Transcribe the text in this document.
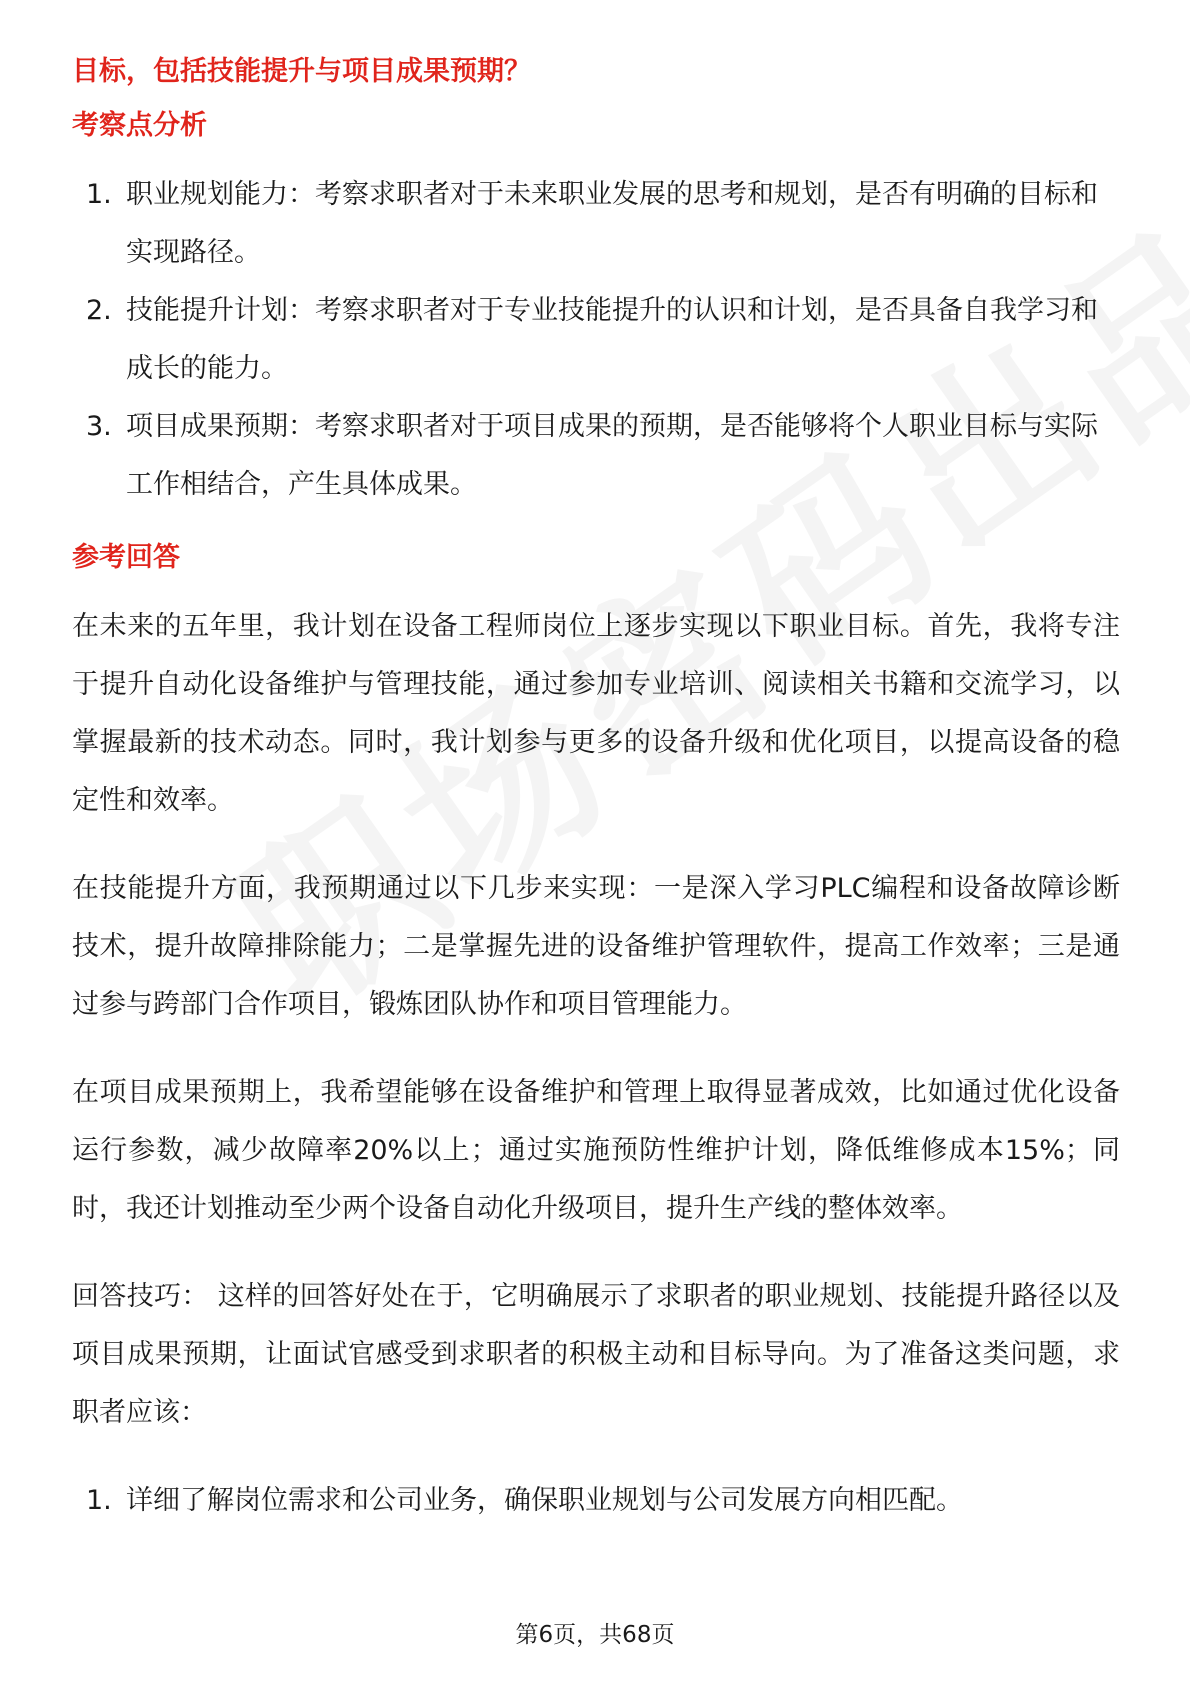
目标，包括技能提升与项目成果预期？

考察点分析

1. 职业规划能力：考察求职者对于未来职业发展的思考和规划，是否有明确的目标和实现路径。
2. 技能提升计划：考察求职者对于专业技能提升的认识和计划，是否具备自我学习和成长的能力。
3. 项目成果预期：考察求职者对于项目成果的预期，是否能够将个人职业目标与实际工作相结合，产生具体成果。

参考回答

在未来的五年里，我计划在设备工程师岗位上逐步实现以下职业目标。首先，我将专注于提升自动化设备维护与管理技能，通过参加专业培训、阅读相关书籍和交流学习，以掌握最新的技术动态。同时，我计划参与更多的设备升级和优化项目，以提高设备的稳定性和效率。

在技能提升方面，我预期通过以下几步来实现：一是深入学习PLC编程和设备故障诊断技术，提升故障排除能力；二是掌握先进的设备维护管理软件，提高工作效率；三是通过参与跨部门合作项目，锻炼团队协作和项目管理能力。

在项目成果预期上，我希望能够在设备维护和管理上取得显著成效，比如通过优化设备运行参数，减少故障率20%以上；通过实施预防性维护计划，降低维修成本15%；同时，我还计划推动至少两个设备自动化升级项目，提升生产线的整体效率。

回答技巧： 这样的回答好处在于，它明确展示了求职者的职业规划、技能提升路径以及项目成果预期，让面试官感受到求职者的积极主动和目标导向。为了准备这类问题，求职者应该：

1. 详细了解岗位需求和公司业务，确保职业规划与公司发展方向相匹配。
第6页，共68页
